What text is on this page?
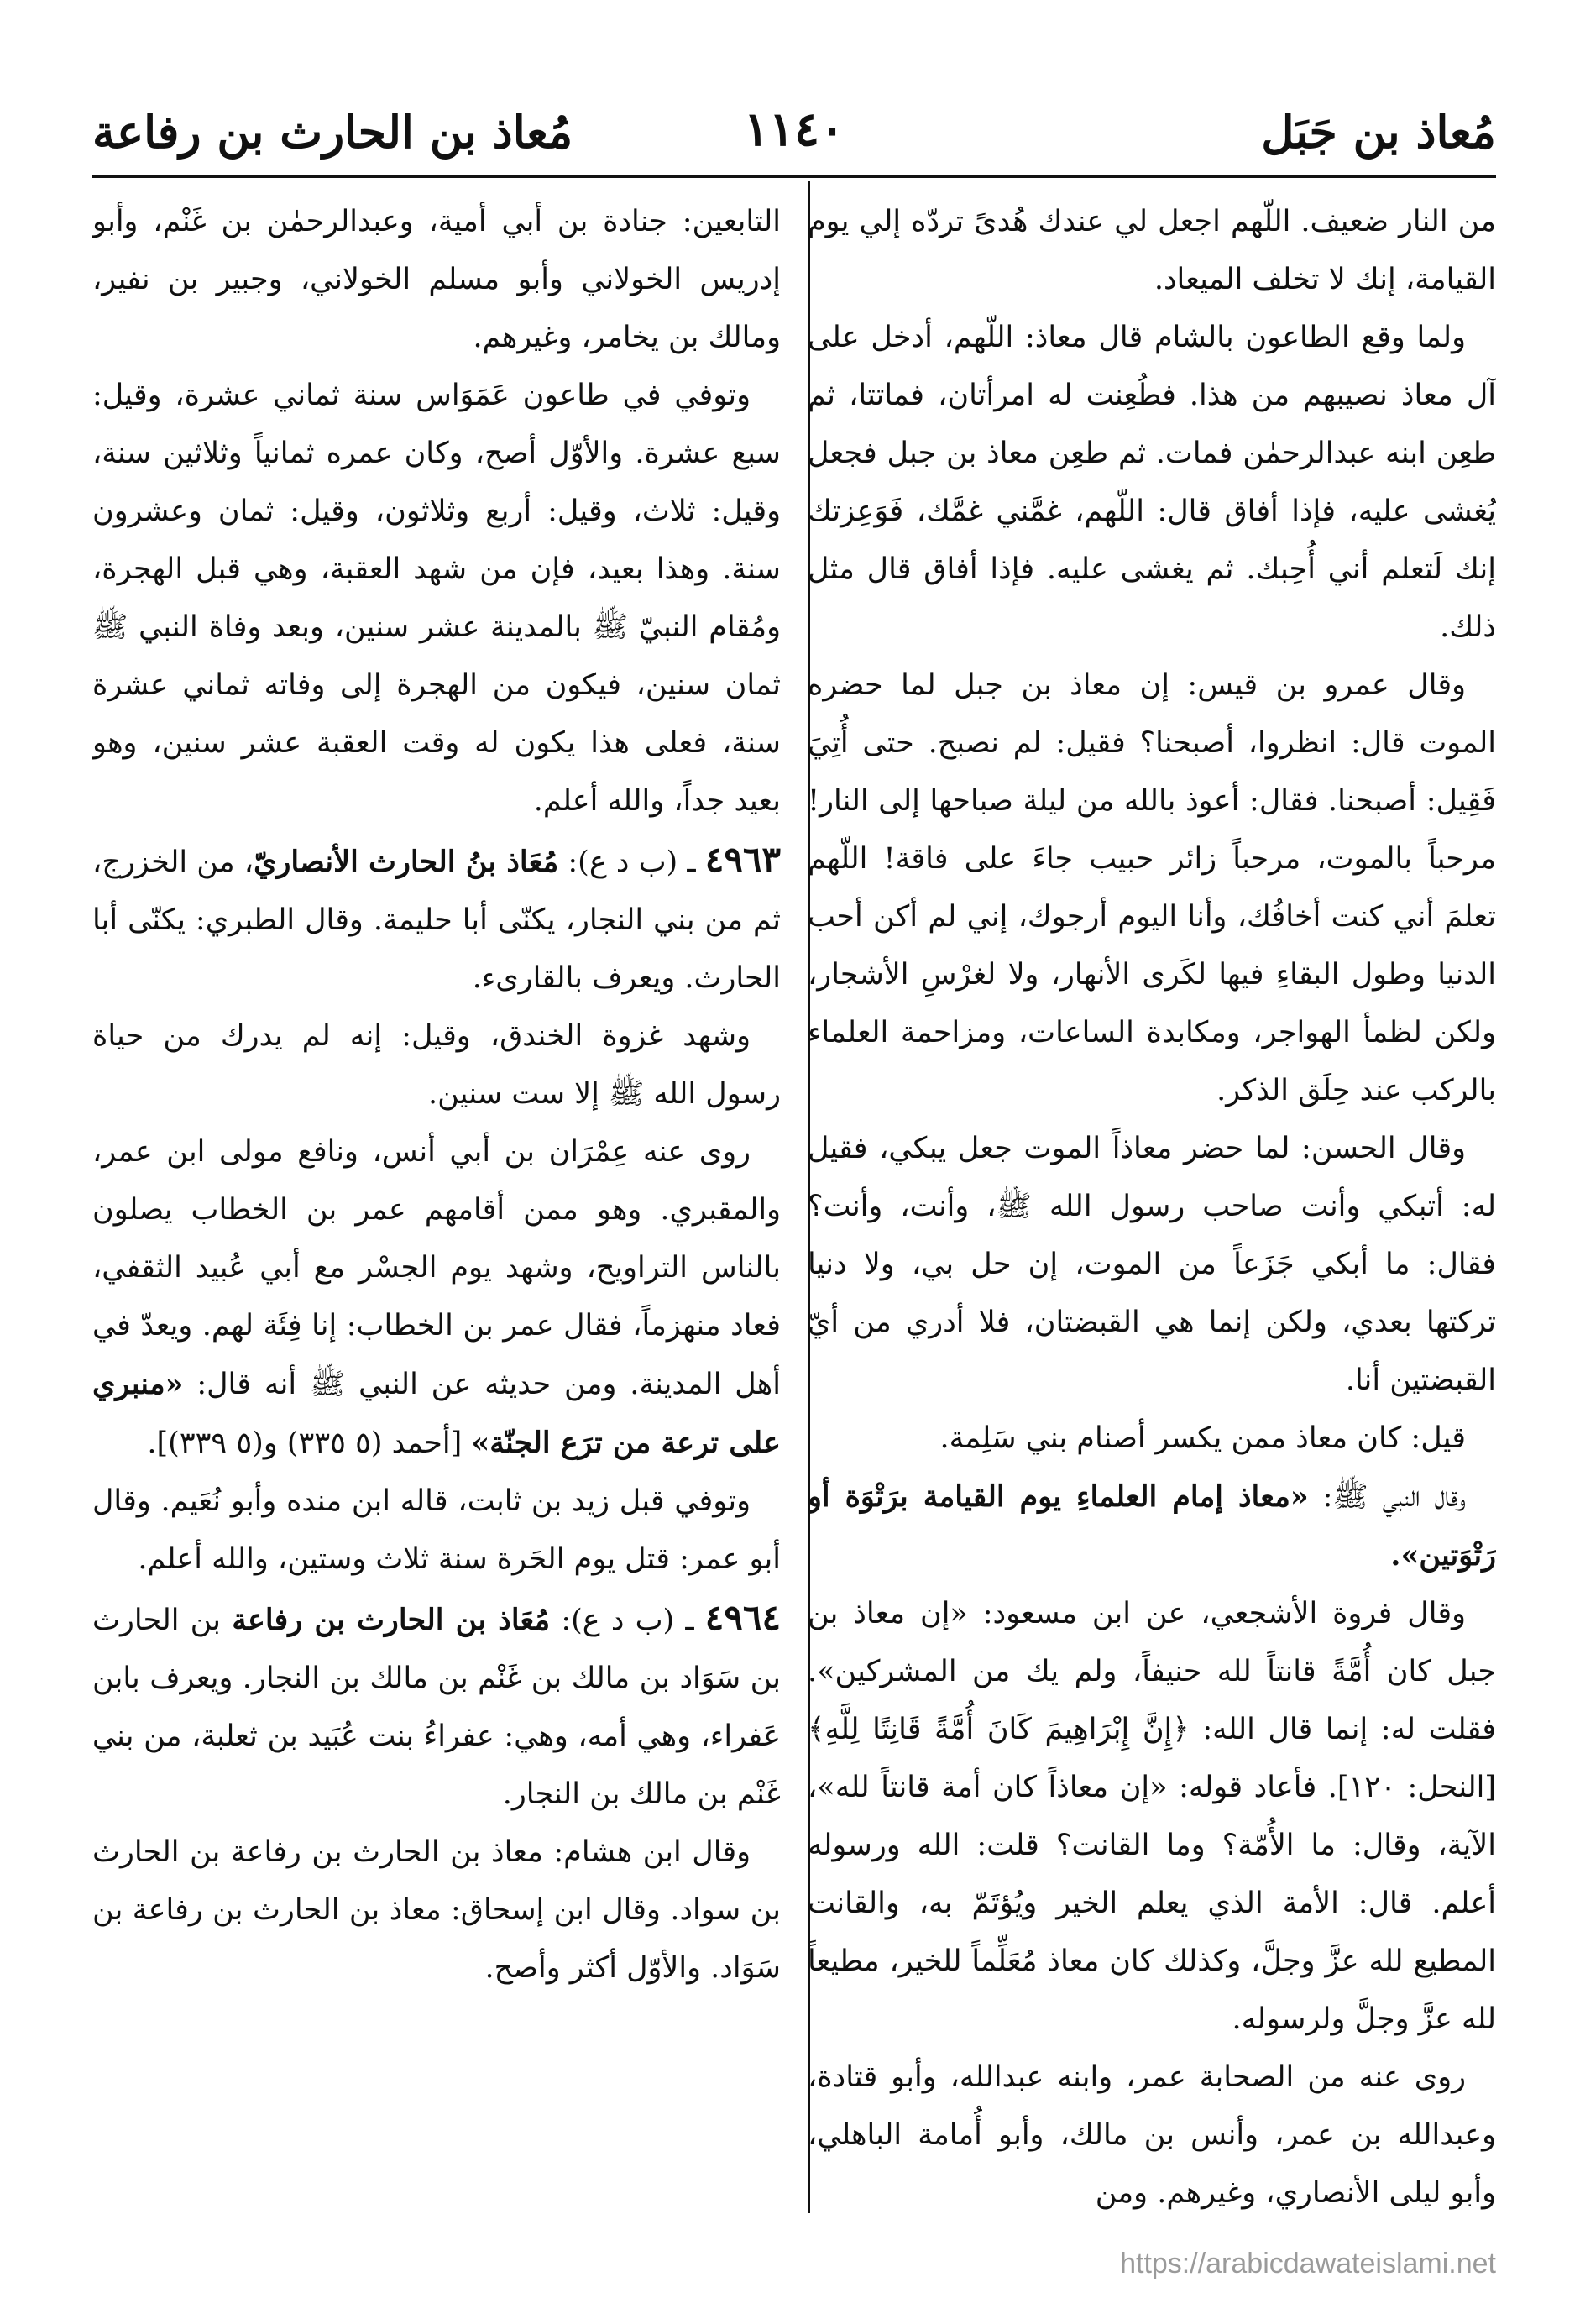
مُعاذ بن جَبَل
١١٤٠
مُعاذ بن الحارث بن رفاعة

من النار ضعيف. اللّهم اجعل لي عندك هُدىً تردّه إلي يوم القيامة، إنك لا تخلف الميعاد.

ولما وقع الطاعون بالشام قال معاذ: اللّهم، أدخل على آل معاذ نصيبهم من هذا. فطُعِنت له امرأتان، فماتتا، ثم طعِن ابنه عبدالرحمٰن فمات. ثم طعِن معاذ بن جبل فجعل يُغشى عليه، فإذا أفاق قال: اللّهم، غمَّني غمَّك، فَوَعِزتك إنك لَتعلم أني أُحِبك. ثم يغشى عليه. فإذا أفاق قال مثل ذلك.

وقال عمرو بن قيس: إن معاذ بن جبل لما حضره الموت قال: انظروا، أصبحنا؟ فقيل: لم نصبح. حتى أُتِيَ فَقِيل: أصبحنا. فقال: أعوذ بالله من ليلة صباحها إلى النار! مرحباً بالموت، مرحباً زائر حبيب جاءَ على فاقة! اللّهم تعلمَ أني كنت أخافُك، وأنا اليوم أرجوك، إني لم أكن أحب الدنيا وطول البقاءِ فيها لكَرى الأنهار، ولا لغرْسِ الأشجار، ولكن لظمأ الهواجر، ومكابدة الساعات، ومزاحمة العلماء بالركب عند حِلَق الذكر.

وقال الحسن: لما حضر معاذاً الموت جعل يبكي، فقيل له: أتبكي وأنت صاحب رسول الله ﷺ، وأنت، وأنت؟ فقال: ما أبكي جَزَعاً من الموت، إن حل بي، ولا دنيا تركتها بعدي، ولكن إنما هي القبضتان، فلا أدري من أيّ القبضتين أنا.

قيل: كان معاذ ممن يكسر أصنام بني سَلِمة.

وقال النبي ﷺ: «معاذ إمام العلماءِ يوم القيامة برَتْوَة أو رَتْوَتين».

وقال فروة الأشجعي، عن ابن مسعود: «إن معاذ بن جبل كان أُمَّةً قانتاً لله حنيفاً، ولم يك من المشركين». فقلت له: إنما قال الله: ﴿إِنَّ إِبْرَاهِيمَ كَانَ أُمَّةً قَانِتًا لِلَّهِ﴾ [النحل: ١٢٠]. فأعاد قوله: «إن معاذاً كان أمة قانتاً لله»، الآية، وقال: ما الأُمّة؟ وما القانت؟ قلت: الله ورسوله أعلم. قال: الأمة الذي يعلم الخير ويُؤتَمّ به، والقانت المطيع لله عزَّ وجلَّ، وكذلك كان معاذ مُعَلِّماً للخير، مطيعاً لله عزَّ وجلَّ ولرسوله.

روى عنه من الصحابة عمر، وابنه عبدالله، وأبو قتادة، وعبدالله بن عمر، وأنس بن مالك، وأبو أُمامة الباهلي، وأبو ليلى الأنصاري، وغيرهم. ومن

التابعين: جنادة بن أبي أمية، وعبدالرحمٰن بن غَنْم، وأبو إدريس الخولاني وأبو مسلم الخولاني، وجبير بن نفير، ومالك بن يخامر، وغيرهم.

وتوفي في طاعون عَمَوَاس سنة ثماني عشرة، وقيل: سبع عشرة. والأوّل أصح، وكان عمره ثمانياً وثلاثين سنة، وقيل: ثلاث، وقيل: أربع وثلاثون، وقيل: ثمان وعشرون سنة. وهذا بعيد، فإن من شهد العقبة، وهي قبل الهجرة، ومُقام النبيّ ﷺ بالمدينة عشر سنين، وبعد وفاة النبي ﷺ ثمان سنين، فيكون من الهجرة إلى وفاته ثماني عشرة سنة، فعلى هذا يكون له وقت العقبة عشر سنين، وهو بعيد جداً، والله أعلم.

٤٩٦٣ ـ (ب د ع): مُعَاذ بنُ الحارث الأنصاريّ، من الخزرج، ثم من بني النجار، يكنّى أبا حليمة. وقال الطبري: يكنّى أبا الحارث. ويعرف بالقارىء.

وشهد غزوة الخندق، وقيل: إنه لم يدرك من حياة رسول الله ﷺ إلا ست سنين.

روى عنه عِمْرَان بن أبي أنس، ونافع مولى ابن عمر، والمقبري. وهو ممن أقامهم عمر بن الخطاب يصلون بالناس التراويح، وشهد يوم الجسْر مع أبي عُبيد الثقفي، فعاد منهزماً، فقال عمر بن الخطاب: إنا فِئَة لهم. ويعدّ في أهل المدينة. ومن حديثه عن النبي ﷺ أنه قال: «منبري على ترعة من ترَع الجنّة» [أحمد (٥ ٣٣٥) و(٥ ٣٣٩)].

وتوفي قبل زيد بن ثابت، قاله ابن منده وأبو نُعَيم. وقال أبو عمر: قتل يوم الحَرة سنة ثلاث وستين، والله أعلم.

٤٩٦٤ ـ (ب د ع): مُعَاذ بن الحارث بن رفاعة بن الحارث بن سَوَاد بن مالك بن غَنْم بن مالك بن النجار. ويعرف بابن عَفراء، وهي أمه، وهي: عفراءُ بنت عُبَيد بن ثعلبة، من بني غَنْم بن مالك بن النجار.

وقال ابن هشام: معاذ بن الحارث بن رفاعة بن الحارث بن سواد. وقال ابن إسحاق: معاذ بن الحارث بن رفاعة بن سَوَاد. والأوّل أكثر وأصح.

https://arabicdawateislami.net
